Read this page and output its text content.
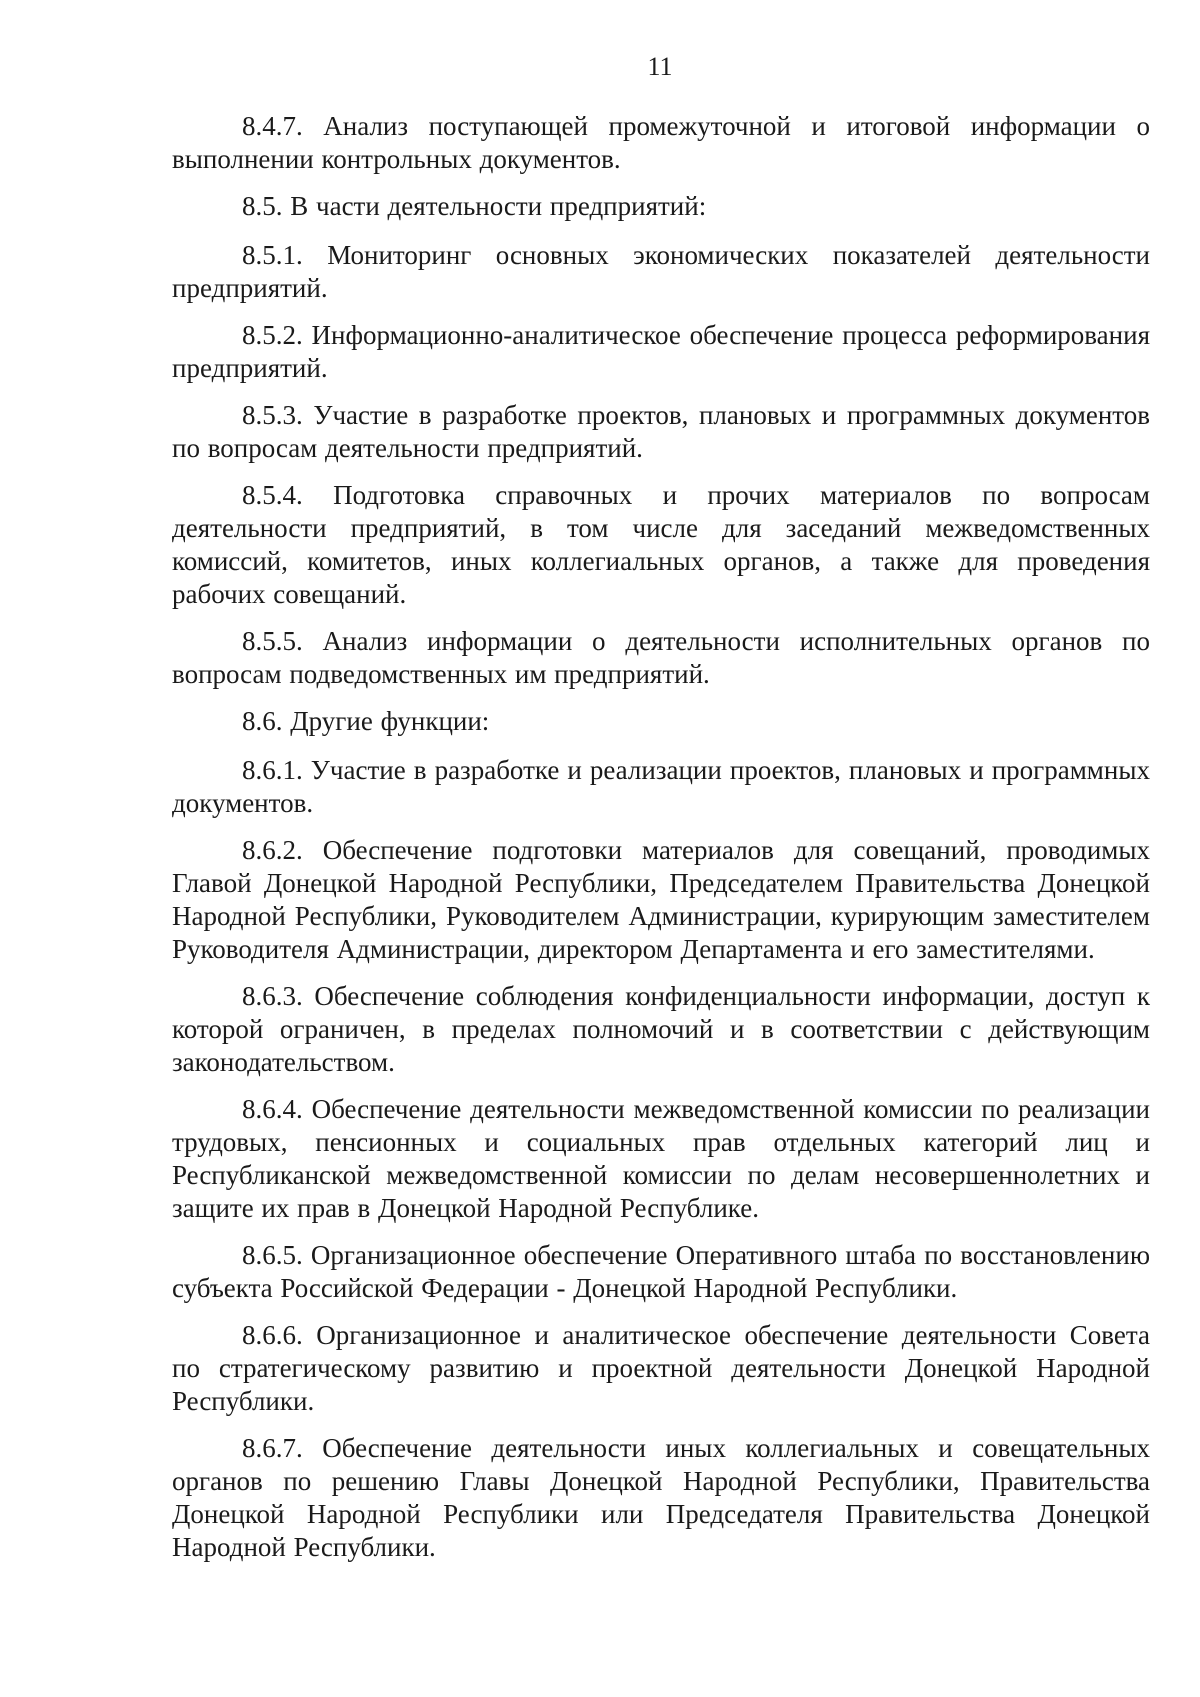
11

8.4.7. Анализ поступающей промежуточной и итоговой информации о выполнении контрольных документов.

8.5. В части деятельности предприятий:

8.5.1. Мониторинг основных экономических показателей деятельности предприятий.

8.5.2. Информационно-аналитическое обеспечение процесса реформирования предприятий.

8.5.3. Участие в разработке проектов, плановых и программных документов по вопросам деятельности предприятий.

8.5.4. Подготовка справочных и прочих материалов по вопросам деятельности предприятий, в том числе для заседаний межведомственных комиссий, комитетов, иных коллегиальных органов, а также для проведения рабочих совещаний.

8.5.5. Анализ информации о деятельности исполнительных органов по вопросам подведомственных им предприятий.

8.6. Другие функции:

8.6.1. Участие в разработке и реализации проектов, плановых и программных документов.

8.6.2. Обеспечение подготовки материалов для совещаний, проводимых Главой Донецкой Народной Республики, Председателем Правительства Донецкой Народной Республики, Руководителем Администрации, курирующим заместителем Руководителя Администрации, директором Департамента и его заместителями.

8.6.3. Обеспечение соблюдения конфиденциальности информации, доступ к которой ограничен, в пределах полномочий и в соответствии с действующим законодательством.

8.6.4. Обеспечение деятельности межведомственной комиссии по реализации трудовых, пенсионных и социальных прав отдельных категорий лиц и Республиканской межведомственной комиссии по делам несовершеннолетних и защите их прав в Донецкой Народной Республике.

8.6.5. Организационное обеспечение Оперативного штаба по восстановлению субъекта Российской Федерации - Донецкой Народной Республики.

8.6.6. Организационное и аналитическое обеспечение деятельности Совета по стратегическому развитию и проектной деятельности Донецкой Народной Республики.

8.6.7. Обеспечение деятельности иных коллегиальных и совещательных органов по решению Главы Донецкой Народной Республики, Правительства Донецкой Народной Республики или Председателя Правительства Донецкой Народной Республики.
